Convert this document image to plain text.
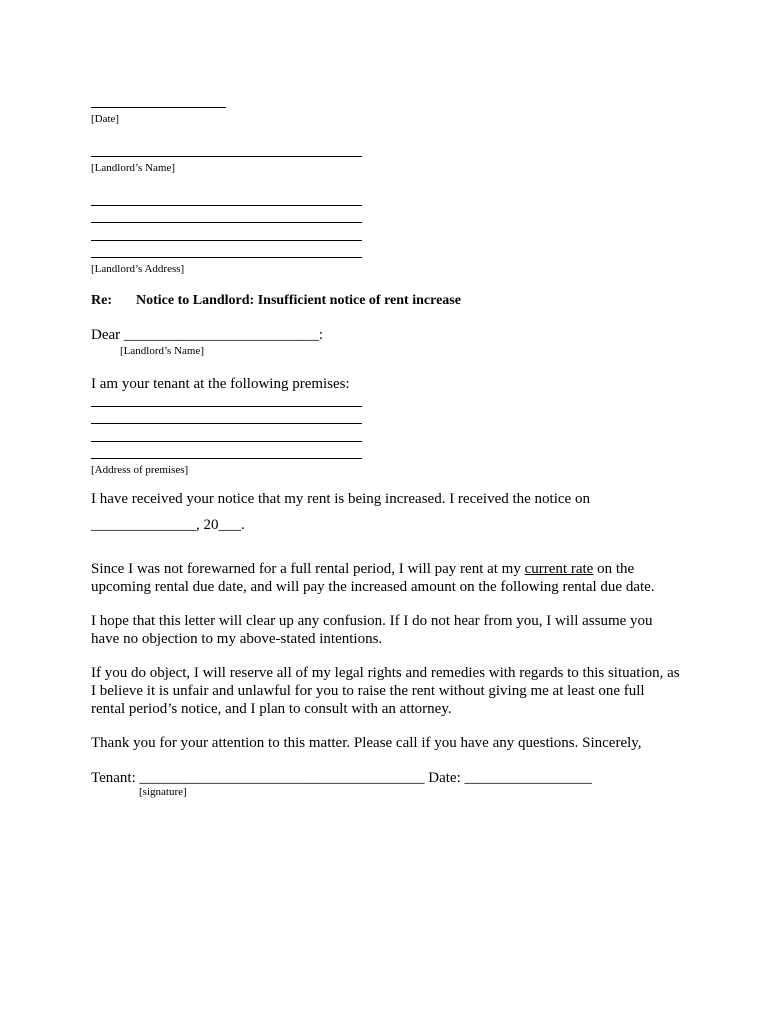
[Date]
[Landlord’s Name]
[Landlord’s Address]
Re: Notice to Landlord: Insufficient notice of rent increase
Dear __________________________:
[Landlord’s Name]
I am your tenant at the following premises:
[Address of premises]
I have received your notice that my rent is being increased. I received the notice on
______________, 20___.
Since I was not forewarned for a full rental period, I will pay rent at my current rate on the upcoming rental due date, and will pay the increased amount on the following rental due date.
I hope that this letter will clear up any confusion. If I do not hear from you, I will assume you have no objection to my above-stated intentions.
If you do object, I will reserve all of my legal rights and remedies with regards to this situation, as I believe it is unfair and unlawful for you to raise the rent without giving me at least one full rental period’s notice, and I plan to consult with an attorney.
Thank you for your attention to this matter. Please call if you have any questions. Sincerely,
Tenant: ______________________________________ Date: _________________
[signature]
